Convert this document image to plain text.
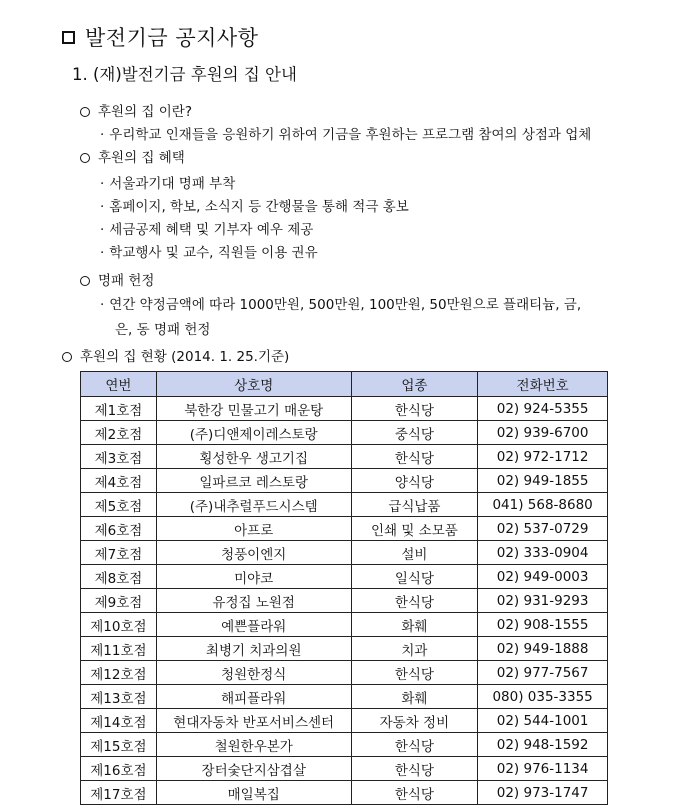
발전기금 공지사항
1. (재)발전기금 후원의 집 안내
후원의 집 이란?
· 우리학교 인재들을 응원하기 위하여 기금을 후원하는 프로그램 참여의 상점과 업체
후원의 집 혜택
· 서울과기대 명패 부착
· 홈페이지, 학보, 소식지 등 간행물을 통해 적극 홍보
· 세금공제 혜택 및 기부자 예우 제공
· 학교행사 및 교수, 직원들 이용 권유
명패 헌정
· 연간 약정금액에 따라 1000만원, 500만원, 100만원, 50만원으로 플래티늄, 금,
은, 동 명패 헌정
후원의 집 현황 (2014. 1. 25.기준)
연번	상호명	업종	전화번호
제1호점	북한강 민물고기 매운탕	한식당	02) 924-5355
제2호점	(주)디앤제이레스토랑	중식당	02) 939-6700
제3호점	횡성한우 생고기집	한식당	02) 972-1712
제4호점	일파르코 레스토랑	양식당	02) 949-1855
제5호점	(주)내추럴푸드시스템	급식납품	041) 568-8680
제6호점	아프로	인쇄 및 소모품	02) 537-0729
제7호점	청풍이엔지	설비	02) 333-0904
제8호점	미야코	일식당	02) 949-0003
제9호점	유정집 노원점	한식당	02) 931-9293
제10호점	예쁜플라워	화훼	02) 908-1555
제11호점	최병기 치과의원	치과	02) 949-1888
제12호점	청원한정식	한식당	02) 977-7567
제13호점	해피플라워	화훼	080) 035-3355
제14호점	현대자동차 반포서비스센터	자동차 정비	02) 544-1001
제15호점	철원한우본가	한식당	02) 948-1592
제16호점	장터숯단지삼겹살	한식당	02) 976-1134
제17호점	매일복집	한식당	02) 973-1747
